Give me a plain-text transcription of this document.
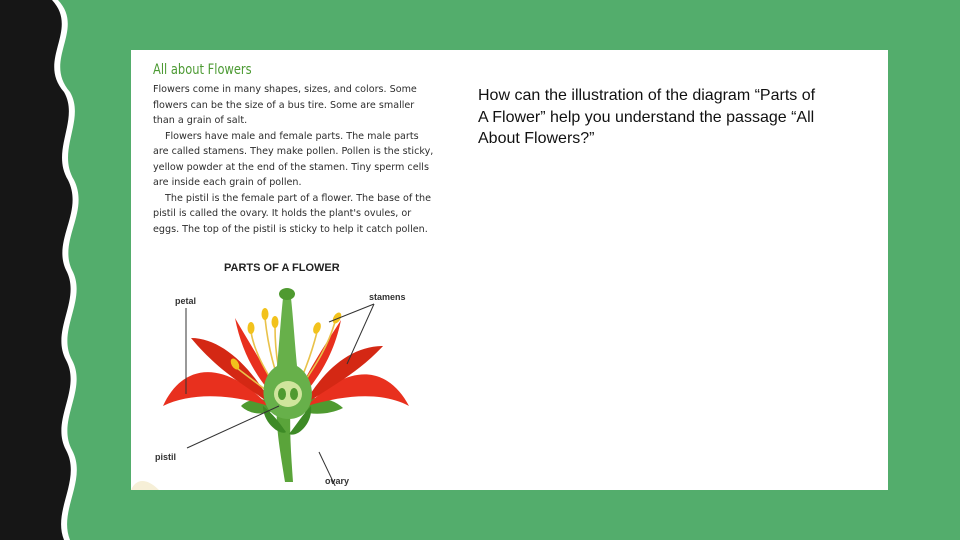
All about Flowers

Flowers come in many shapes, sizes, and colors. Some flowers can be the size of a bus tire. Some are smaller than a grain of salt.

Flowers have male and female parts. The male parts are called stamens. They make pollen. Pollen is the sticky, yellow powder at the end of the stamen. Tiny sperm cells are inside each grain of pollen.

The pistil is the female part of a flower. The base of the pistil is called the ovary. It holds the plant's ovules, or eggs. The top of the pistil is sticky to help it catch pollen.

PARTS OF A FLOWER
petal	stamens
pistil
ovary
How can the illustration of the diagram “Parts of A Flower” help you understand the passage “All About Flowers?”
